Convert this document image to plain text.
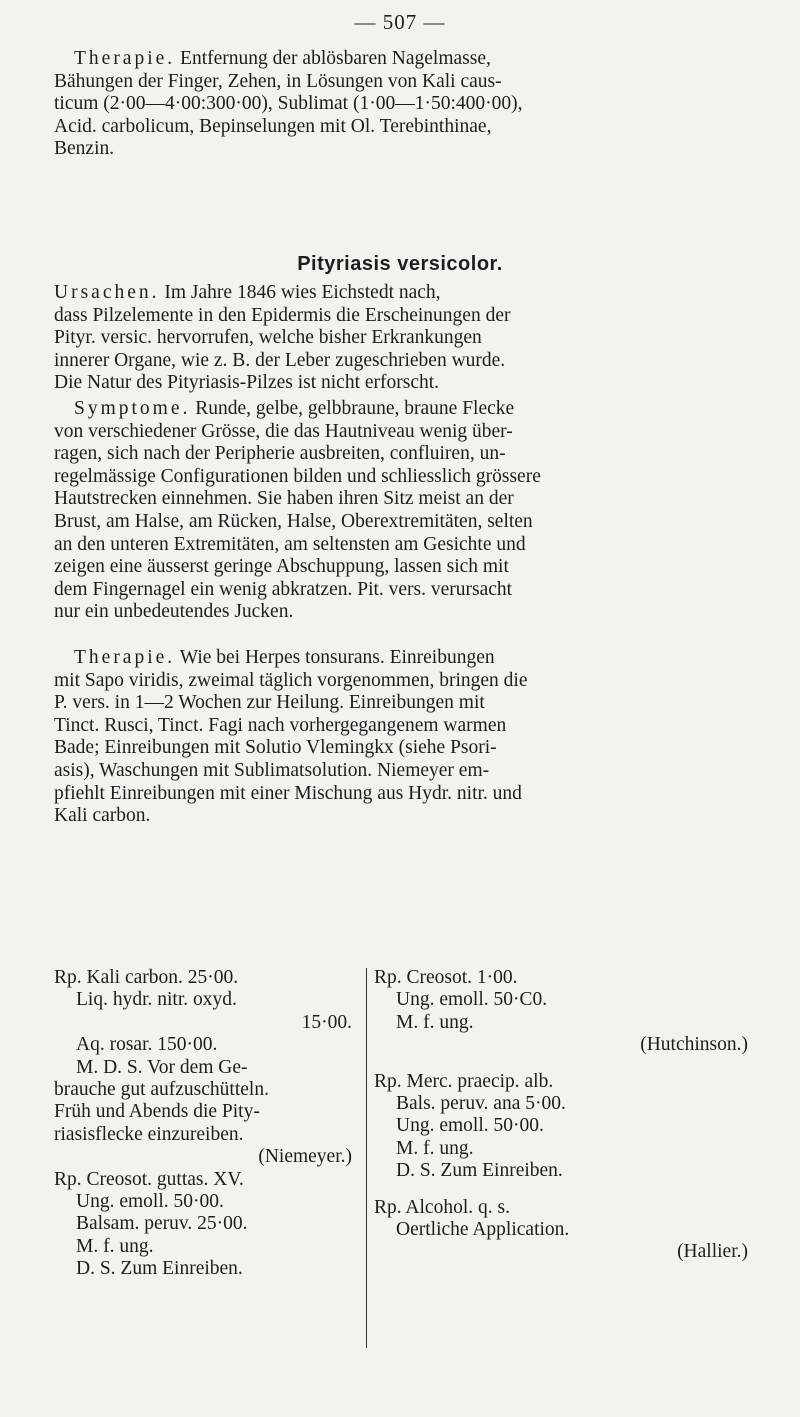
— 507 —
Therapie. Entfernung der ablösbaren Nagelmasse,
Bähungen der Finger, Zehen, in Lösungen von Kali caus-
ticum (2·00—4·00:300·00), Sublimat (1·00—1·50:400·00),
Acid. carbolicum, Bepinselungen mit Ol. Terebinthinae,
Benzin.
Pityriasis versicolor.
Ursachen. Im Jahre 1846 wies Eichstedt nach,
dass Pilzelemente in den Epidermis die Erscheinungen der
Pityr. versic. hervorrufen, welche bisher Erkrankungen
innerer Organe, wie z. B. der Leber zugeschrieben wurde.
Die Natur des Pityriasis-Pilzes ist nicht erforscht.
Symptome. Runde, gelbe, gelbbraune, braune Flecke
von verschiedener Grösse, die das Hautniveau wenig über-
ragen, sich nach der Peripherie ausbreiten, confluiren, un-
regelmässige Configurationen bilden und schliesslich grössere
Hautstrecken einnehmen. Sie haben ihren Sitz meist an der
Brust, am Halse, am Rücken, Halse, Oberextremitäten, selten
an den unteren Extremitäten, am seltensten am Gesichte und
zeigen eine äusserst geringe Abschuppung, lassen sich mit
dem Fingernagel ein wenig abkratzen. Pit. vers. verursacht
nur ein unbedeutendes Jucken.
Therapie. Wie bei Herpes tonsurans. Einreibungen
mit Sapo viridis, zweimal täglich vorgenommen, bringen die
P. vers. in 1—2 Wochen zur Heilung. Einreibungen mit
Tinct. Rusci, Tinct. Fagi nach vorhergegangenem warmen
Bade; Einreibungen mit Solutio Vlemingkx (siehe Psori-
asis), Waschungen mit Sublimatsolution. Niemeyer em-
pfiehlt Einreibungen mit einer Mischung aus Hydr. nitr. und
Kali carbon.
Rp. Kali carbon. 25·00.
Liq. hydr. nitr. oxyd.
15·00.
Aq. rosar. 150·00.
M. D. S. Vor dem Ge-
brauche gut aufzuschütteln.
Früh und Abends die Pity-
riasisflecke einzureiben.
(Niemeyer.)
Rp. Creosot. guttas. XV.
Ung. emoll. 50·00.
Balsam. peruv. 25·00.
M. f. ung.
D. S. Zum Einreiben.
Rp. Creosot. 1·00.
Ung. emoll. 50·C0.
M. f. ung.
(Hutchinson.)
Rp. Merc. praecip. alb.
Bals. peruv. ana 5·00.
Ung. emoll. 50·00.
M. f. ung.
D. S. Zum Einreiben.
Rp. Alcohol. q. s.
Oertliche Application.
(Hallier.)
